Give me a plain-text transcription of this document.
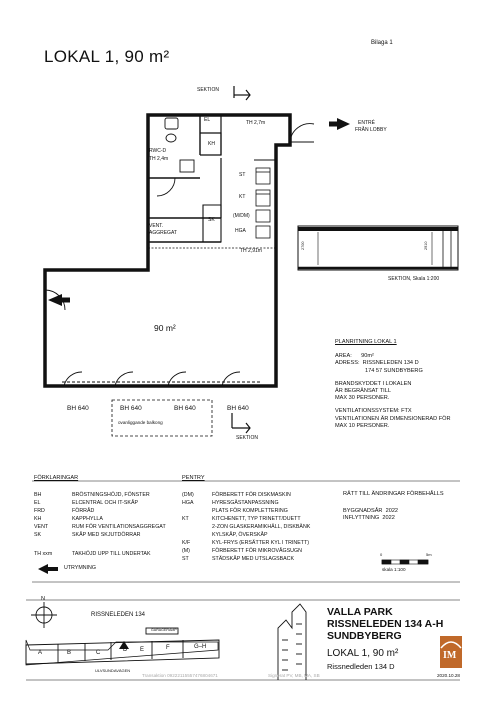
LOKAL 1, 90 m²
Bilaga 1
SEKTION
SEKTION
RWC-D
TH 2,4m
TH 2,7m
TH 2,91m
EL
KH
ST
KT
(M/DM)
HGA
VENT.
AGGREGAT
SK
ENTRÉ
FRÅN LOBBY
90 m²
BH 640	BH 640	BH 640	BH 640
ovanliggande balkong
2700	2910
SEKTION, Skala 1:200
PLANRITNING LOKAL 1
AREA: 90m²
ADRESS: RISSNELEDEN 134 D
174 57 SUNDBYBERG
BRANDSKYDDET I LOKALEN
ÄR BEGRÄNSAT TILL
MAX 30 PERSONER.
VENTILATIONSSYSTEM: FTX
VENTILATIONEN ÄR DIMENSIONERAD FÖR
MAX 10 PERSONER.
FÖRKLARINGAR
BH	BRÖSTNINGSHÖJD, FÖNSTER
EL	ELCENTRAL OCH IT-SKÅP
FRD	FÖRRÅD
KH	KAPPHYLLA
VENT	RUM FÖR VENTILATIONSAGGREGAT
SK	SKÅP MED SKJUTDÖRRAR
TH xxm	TAKHÖJD UPP TILL UNDERTAK
UTRYMNING
PENTRY
(DM)	FÖRBERETT FÖR DISKMASKIN
HGA	HYRESGÄSTANPASSNING
PLATS FÖR KOMPLETTERING
KT	KITCHENETT, TYP TRINETT/DUETT
2-ZON GLASKERAMIKHÄLL, DISKBÄNK
KYLSKÅP, ÖVERSKÅP
K/F	KYL-FRYS (ERSÄTTER KYL I TRINETT)
(M)	FÖRBERETT FÖR MIKROVÅGSUGN
ST	STÄDSKÅP MED UTSLAGSBACK
RÄTT TILL ÄNDRINGAR FÖRBEHÅLLS
BYGGNADSÅR 2022
INFLYTTNING 2022
0	5m
skala 1:100
N
RISSNELEDEN 134
GARAGERAMP
ULVSUNDAVÄGEN
A	B	C	D E	F	G–H
VALLA PARK
RISSNELEDEN 134 A-H
SUNDBYBERG
LOKAL 1, 90 m²
Rissnedleden 134 D
2020.10.28
IM
Transaktion 09222115557476804671	Signerat PV, MB, MA, SB
